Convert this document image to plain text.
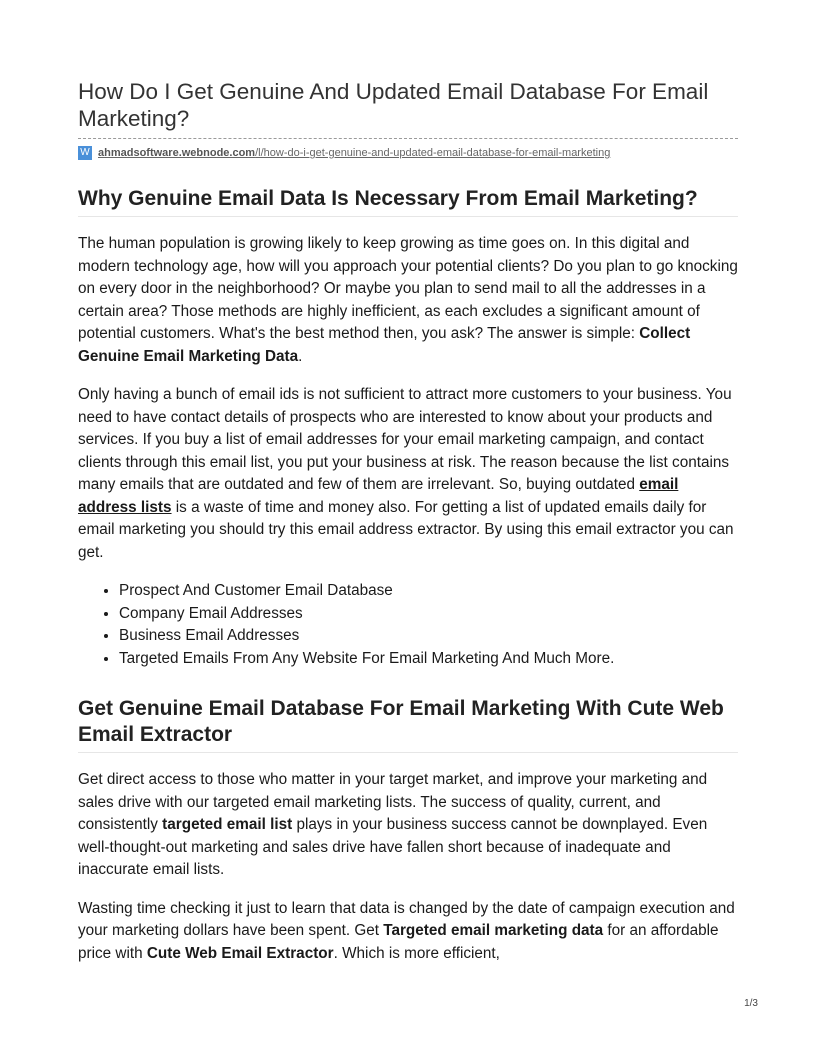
How Do I Get Genuine And Updated Email Database For Email Marketing?
W ahmadsoftware.webnode.com/l/how-do-i-get-genuine-and-updated-email-database-for-email-marketing
Why Genuine Email Data Is Necessary From Email Marketing?

The human population is growing likely to keep growing as time goes on. In this digital and modern technology age, how will you approach your potential clients? Do you plan to go knocking on every door in the neighborhood? Or maybe you plan to send mail to all the addresses in a certain area? Those methods are highly inefficient, as each excludes a significant amount of potential customers. What's the best method then, you ask? The answer is simple: Collect Genuine Email Marketing Data.

Only having a bunch of email ids is not sufficient to attract more customers to your business. You need to have contact details of prospects who are interested to know about your products and services. If you buy a list of email addresses for your email marketing campaign, and contact clients through this email list, you put your business at risk. The reason because the list contains many emails that are outdated and few of them are irrelevant. So, buying outdated email address lists is a waste of time and money also. For getting a list of updated emails daily for email marketing you should try this email address extractor. By using this email extractor you can get.

• Prospect And Customer Email Database
• Company Email Addresses
• Business Email Addresses
• Targeted Emails From Any Website For Email Marketing And Much More.
Get Genuine Email Database For Email Marketing With Cute Web Email Extractor

Get direct access to those who matter in your target market, and improve your marketing and sales drive with our targeted email marketing lists. The success of quality, current, and consistently targeted email list plays in your business success cannot be downplayed. Even well-thought-out marketing and sales drive have fallen short because of inadequate and inaccurate email lists.

Wasting time checking it just to learn that data is changed by the date of campaign execution and your marketing dollars have been spent. Get Targeted email marketing data for an affordable price with Cute Web Email Extractor. Which is more efficient,

1/3
